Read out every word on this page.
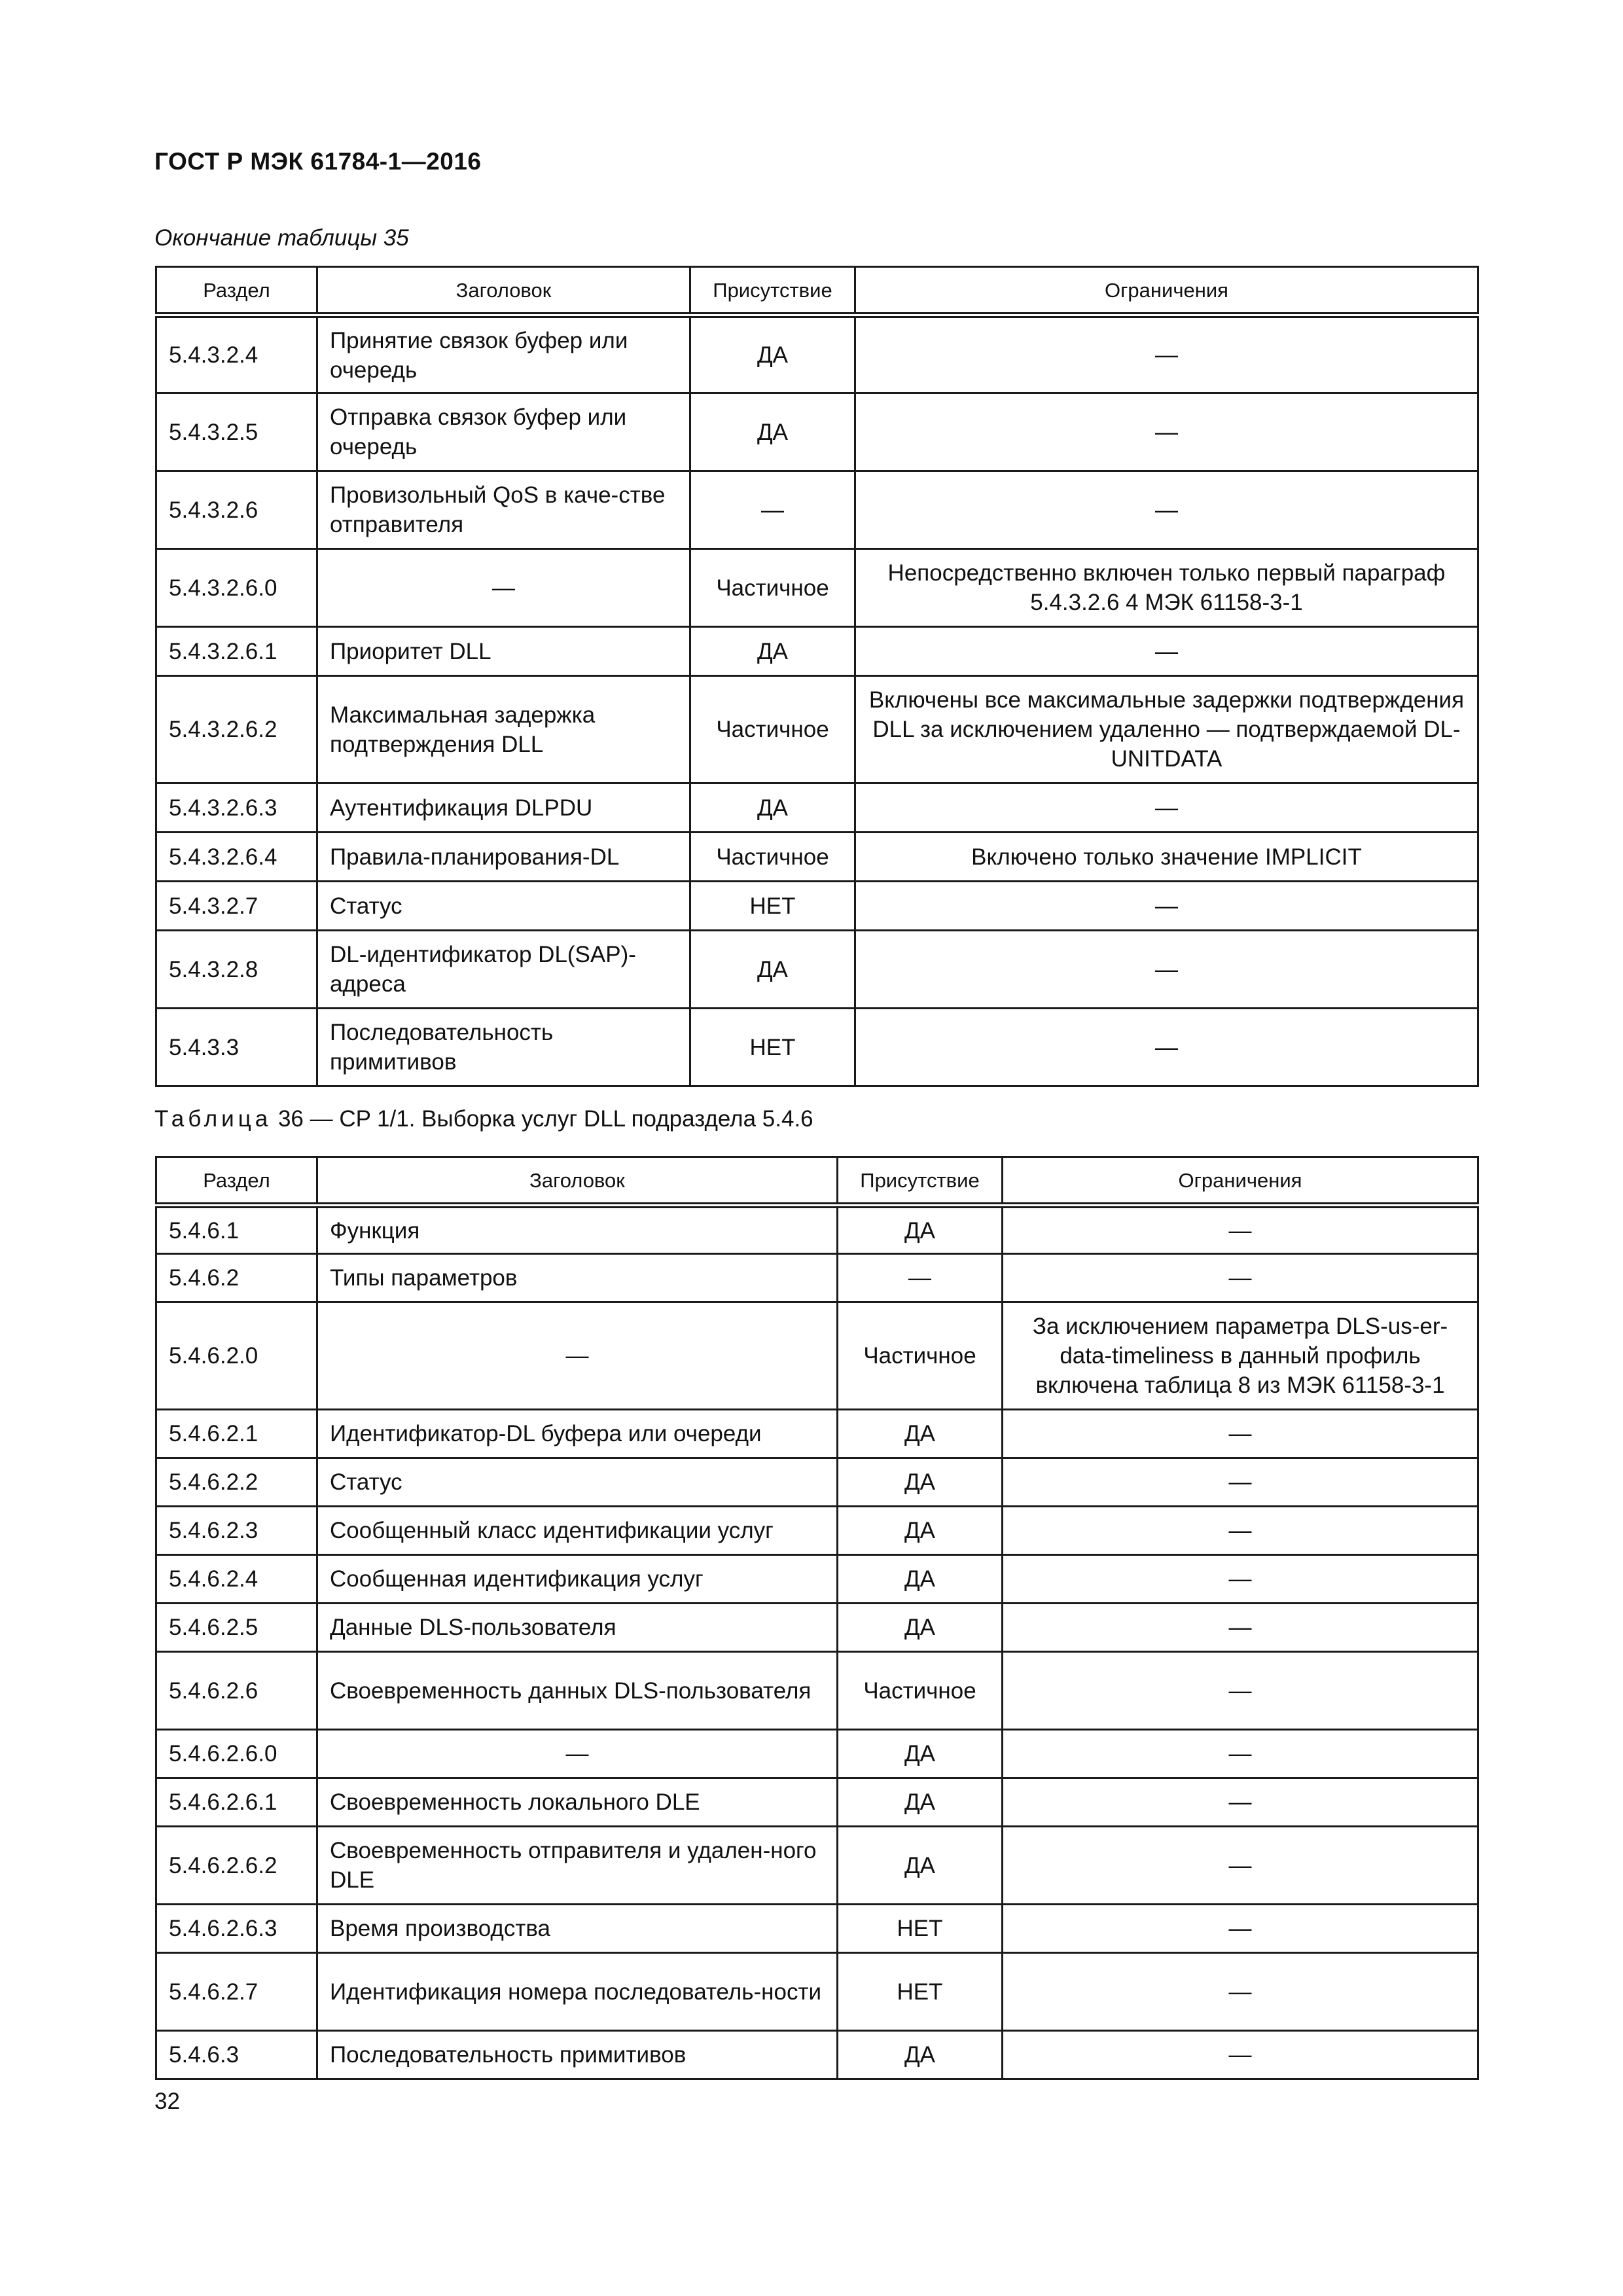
ГОСТ Р МЭК 61784-1—2016
Окончание таблицы 35
Раздел	Заголовок	Присутствие	Ограничения
5.4.3.2.4	Принятие связок буфер или очередь	ДА	—
5.4.3.2.5	Отправка связок буфер или очередь	ДА	—
5.4.3.2.6	Провизольный QoS в каче-стве отправителя	—	—
5.4.3.2.6.0	—	Частичное	Непосредственно включен только первый параграф 5.4.3.2.6 4 МЭК 61158-3-1
5.4.3.2.6.1	Приоритет DLL	ДА	—
5.4.3.2.6.2	Максимальная задержка подтверждения DLL	Частичное	Включены все максимальные задержки подтверждения DLL за исключением удаленно — подтверждаемой DL-UNITDATA
5.4.3.2.6.3	Аутентификация DLPDU	ДА	—
5.4.3.2.6.4	Правила-планирования-DL	Частичное	Включено только значение IMPLICIT
5.4.3.2.7	Статус	НЕТ	—
5.4.3.2.8	DL-идентификатор DL(SAP)-адреса	ДА	—
5.4.3.3	Последовательность примитивов	НЕТ	—
Таблица 36 — CP 1/1. Выборка услуг DLL подраздела 5.4.6
Раздел	Заголовок	Присутствие	Ограничения
5.4.6.1	Функция	ДА	—
5.4.6.2	Типы параметров	—	—
5.4.6.2.0	—	Частичное	За исключением параметра DLS-us-er- data-timeliness в данный профиль включена таблица 8 из МЭК 61158-3-1
5.4.6.2.1	Идентификатор-DL буфера или очереди	ДА	—
5.4.6.2.2	Статус	ДА	—
5.4.6.2.3	Сообщенный класс идентификации услуг	ДА	—
5.4.6.2.4	Сообщенная идентификация услуг	ДА	—
5.4.6.2.5	Данные DLS-пользователя	ДА	—
5.4.6.2.6	Своевременность данных DLS-пользователя	Частичное	—
5.4.6.2.6.0	—	ДА	—
5.4.6.2.6.1	Своевременность локального DLE	ДА	—
5.4.6.2.6.2	Своевременность отправителя и удален-ного DLE	ДА	—
5.4.6.2.6.3	Время производства	НЕТ	—
5.4.6.2.7	Идентификация номера последователь-ности	НЕТ	—
5.4.6.3	Последовательность примитивов	ДА	—
32
